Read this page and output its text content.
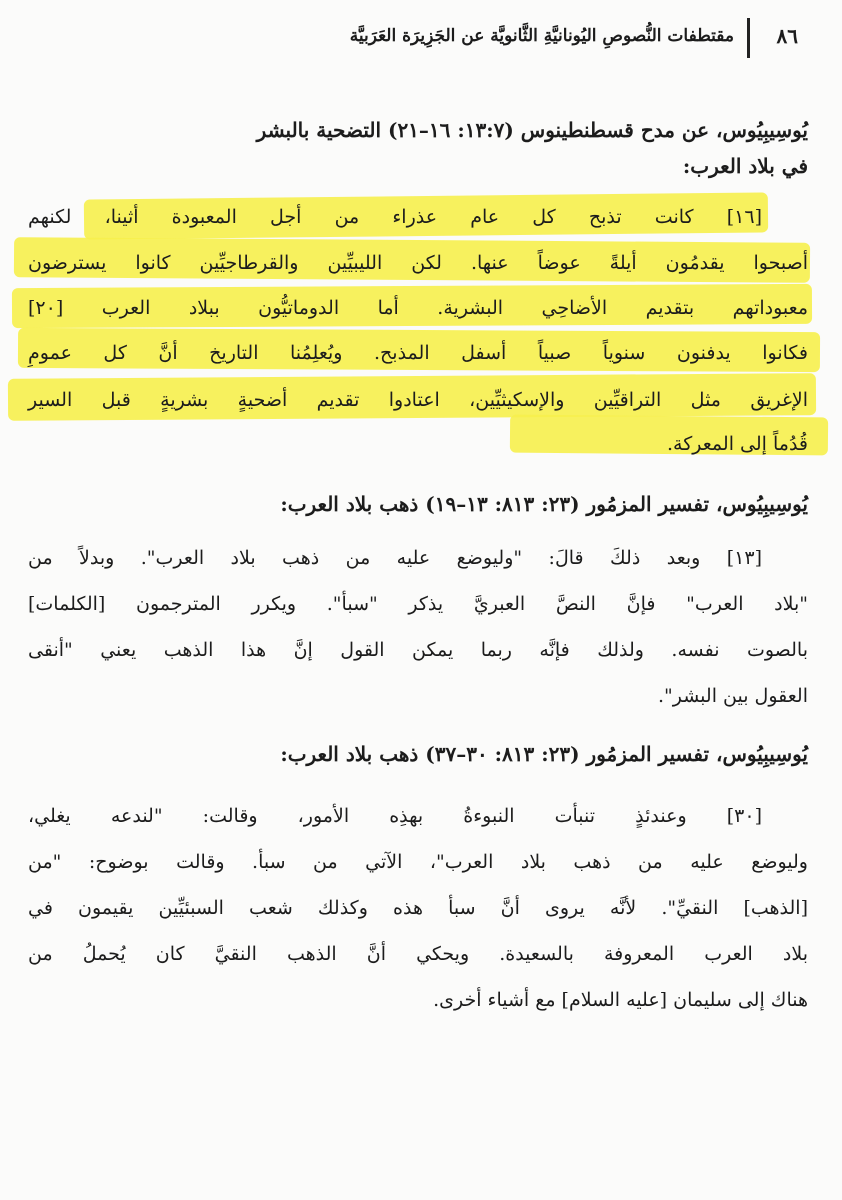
٨٦
مقتطفات النُّصوصِ اليُونانيَّةِ الثَّانويَّة عن الجَزِيرَة العَرَبيَّة
يُوسِيبِيُوس، عن مدح قسطنطينوس (١٣:٧: ١٦–٢١) التضحية بالبشر
في بلاد العرب:
[١٦] كانت تذبح كل عام عذراء من أجل المعبودة أثينا، لكنهم
أصبحوا يقدمُون أيلةً عوضاً عنها. لكن الليبيِّين والقرطاجيِّين كانوا يسترضون
معبوداتهم بتقديم الأضاحِي البشرية. أما الدوماتيُّون ببلاد العرب [٢٠]
فكانوا يدفنون سنوياً صبياً أسفل المذبح. ويُعلِمُنا التاريخ أنَّ كل عمومِ
الإغريق مثل التراقيِّين والإسكيثيِّين، اعتادوا تقديم أضحيةٍ بشريةٍ قبل السير
قُدُماً إلى المعركة.
يُوسِيبِيُوس، تفسير المزمُور (٢٣: ٨١٣: ١٣–١٩) ذهب بلاد العرب:
[١٣] وبعد ذلكَ قالَ: "وليوضع عليه من ذهب بلاد العرب". وبدلاً من
"بلاد العرب" فإنَّ النصَّ العبريَّ يذكر "سبأ". ويكرر المترجمون [الكلمات]
بالصوت نفسه. ولذلك فإنَّه ربما يمكن القول إنَّ هذا الذهب يعني "أنقى
العقول بين البشر".
يُوسِيبِيُوس، تفسير المزمُور (٢٣: ٨١٣: ٣٠–٣٧) ذهب بلاد العرب:
[٣٠] وعندئذٍ تنبأت النبوءةُ بهذِه الأمور، وقالت: "لندعه يغلي،
وليوضع عليه من ذهب بلاد العرب"، الآتي من سبأ. وقالت بوضوح: "من
[الذهب] النقيِّ". لأنَّه يروى أنَّ سبأ هذه وكذلك شعب السبئيِّين يقيمون في
بلاد العرب المعروفة بالسعيدة. ويحكي أنَّ الذهب النقيَّ كان يُحملُ من
هناك إلى سليمان [عليه السلام] مع أشياء أخرى.
